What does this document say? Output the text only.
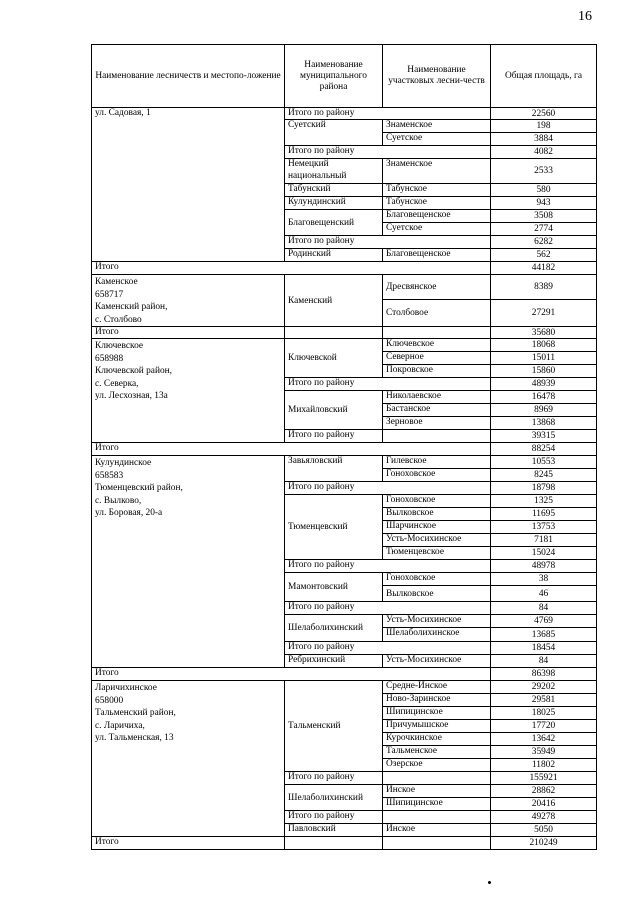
16
Наименование лесничеств и местопо-ложение	Наименование муниципального района	Наименование участковых лесни-честв	Общая площадь, га
ул. Садовая, 1	Итого по району		22560
	Суетский	Знаменское	198
		Суетское	3884
	Итого по району		4082
	Немецкий национальный	Знаменское	2533
	Табунский	Табунское	580
	Кулундинский	Табунское	943
	Благовещенский	Благовещенское	3508
		Суетское	2774
	Итого по району		6282
	Родинский	Благовещенское	562
Итого			44182
Каменское
658717
Каменский район,
с. Столбово	Каменский	Дресвянское	8389
		Столбовое	27291
Итого			35680
Ключевское
658988
Ключевской район,
с. Северка,
ул. Лесхозная, 13а	Ключевской	Ключевское	18068
		Северное	15011
		Покровское	15860
	Итого по району		48939
	Михайловский	Николаевское	16478
		Бастанское	8969
		Зерновое	13868
	Итого по району		39315
Итого			88254
Кулундинское
658583
Тюменцевский район,
с. Вылково,
ул. Боровая, 20-а	Завьяловский	Гилевское	10553
		Гоноховское	8245
	Итого по району		18798
	Тюменцевский	Гоноховское	1325
		Вылковское	11695
		Шарчинское	13753
		Усть-Мосихинское	7181
		Тюменцевское	15024
	Итого по району		48978
	Мамонтовский	Гоноховское	38
		Вылковское	46
	Итого по району		84
	Шелаболихинский	Усть-Мосихинское	4769
		Шелаболихинское	13685
	Итого по району		18454
	Ребрихинский	Усть-Мосихинское	84
Итого			86398
Ларичихинское
658000
Тальменский район,
с. Ларичиха,
ул. Тальменская, 13	Тальменский	Средне-Инское	29202
		Ново-Заринское	29581
		Шипицинское	18025
		Причумышское	17720
		Курочкинское	13642
		Тальменское	35949
		Озерское	11802
	Итого по району		155921
	Шелаболихинский	Инское	28862
		Шипицинское	20416
	Итого по району		49278
	Павловский	Инское	5050
Итого			210249
